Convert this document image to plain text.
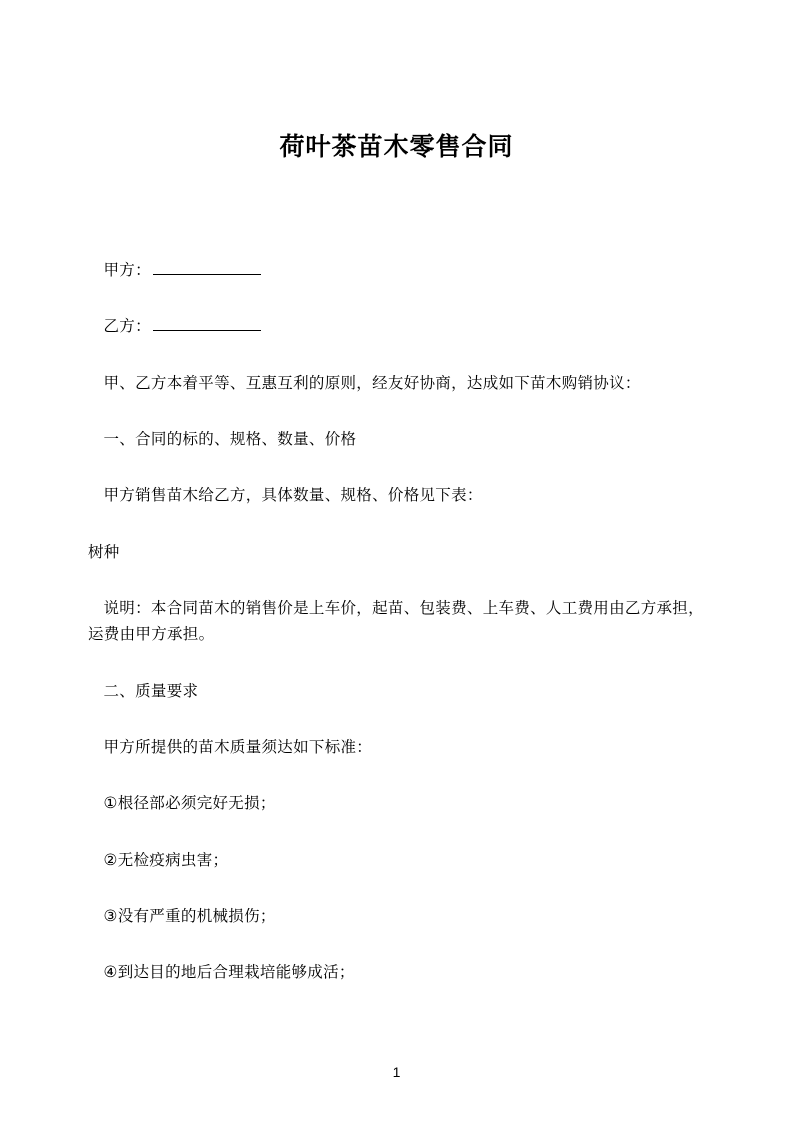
荷叶茶苗木零售合同

甲方：

乙方：

甲、乙方本着平等、互惠互利的原则，经友好协商，达成如下苗木购销协议：

一、合同的标的、规格、数量、价格

甲方销售苗木给乙方，具体数量、规格、价格见下表：

树种

说明：本合同苗木的销售价是上车价，起苗、包装费、上车费、人工费用由乙方承担，运费由甲方承担。

二、质量要求

甲方所提供的苗木质量须达如下标准：

①根径部必须完好无损；

②无检疫病虫害；

③没有严重的机械损伤；

④到达目的地后合理栽培能够成活；

1
